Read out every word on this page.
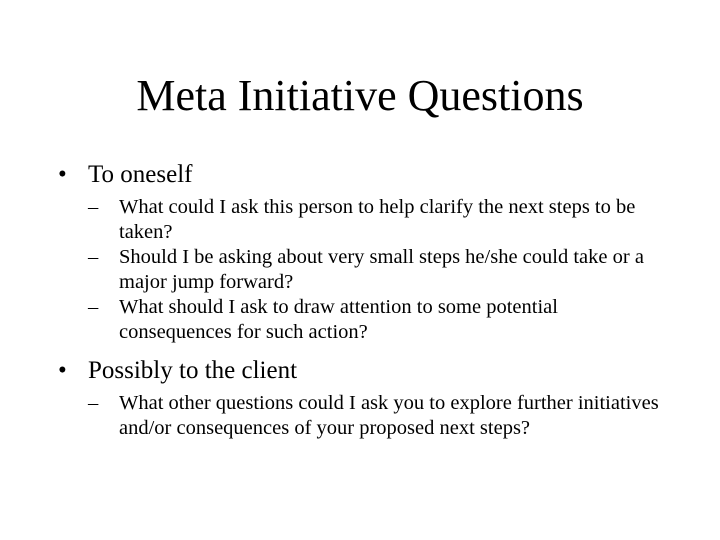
Meta Initiative Questions
• To oneself
– What could I ask this person to help clarify the next steps to be taken?
– Should I be asking about very small steps he/she could take or a major jump forward?
– What should I ask to draw attention to some potential consequences for such action?
• Possibly to the client
– What other questions could I ask you to explore further initiatives and/or consequences of your proposed next steps?
